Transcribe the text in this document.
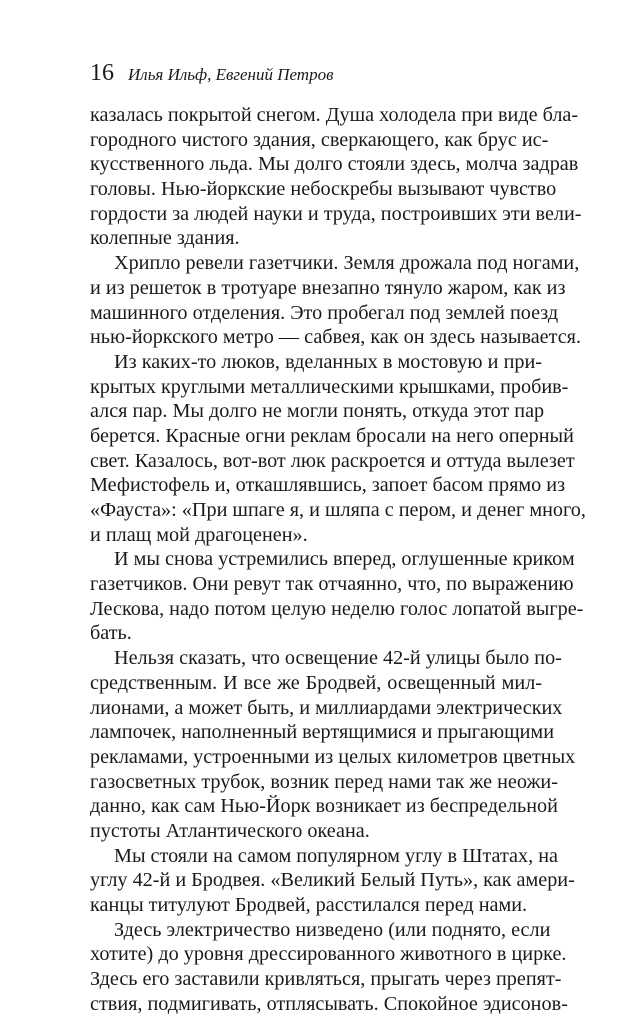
16 Илья Ильф, Евгений Петров
казалась покрытой снегом. Душа холодела при виде бла-
городного чистого здания, сверкающего, как брус ис-
кусственного льда. Мы долго стояли здесь, молча задрав
головы. Нью-йоркские небоскребы вызывают чувство
гордости за людей науки и труда, построивших эти вели-
колепные здания.
Хрипло ревели газетчики. Земля дрожала под ногами,
и из решеток в тротуаре внезапно тянуло жаром, как из
машинного отделения. Это пробегал под землей поезд
нью-йоркского метро — сабвея, как он здесь называется.
Из каких-то люков, вделанных в мостовую и при-
крытых круглыми металлическими крышками, пробив-
ался пар. Мы долго не могли понять, откуда этот пар
берется. Красные огни реклам бросали на него оперный
свет. Казалось, вот-вот люк раскроется и оттуда вылезет
Мефистофель и, откашлявшись, запоет басом прямо из
«Фауста»: «При шпаге я, и шляпа с пером, и денег много,
и плащ мой драгоценен».
И мы снова устремились вперед, оглушенные криком
газетчиков. Они ревут так отчаянно, что, по выражению
Лескова, надо потом целую неделю голос лопатой выгре-
бать.
Нельзя сказать, что освещение 42-й улицы было по-
средственным. И все же Бродвей, освещенный мил-
лионами, а может быть, и миллиардами электрических
лампочек, наполненный вертящимися и прыгающими
рекламами, устроенными из целых километров цветных
газосветных трубок, возник перед нами так же неожи-
данно, как сам Нью-Йорк возникает из беспредельной
пустоты Атлантического океана.
Мы стояли на самом популярном углу в Штатах, на
углу 42-й и Бродвея. «Великий Белый Путь», как амери-
канцы титулуют Бродвей, расстилался перед нами.
Здесь электричество низведено (или поднято, если
хотите) до уровня дрессированного животного в цирке.
Здесь его заставили кривляться, прыгать через препят-
ствия, подмигивать, отплясывать. Спокойное эдисонов-
